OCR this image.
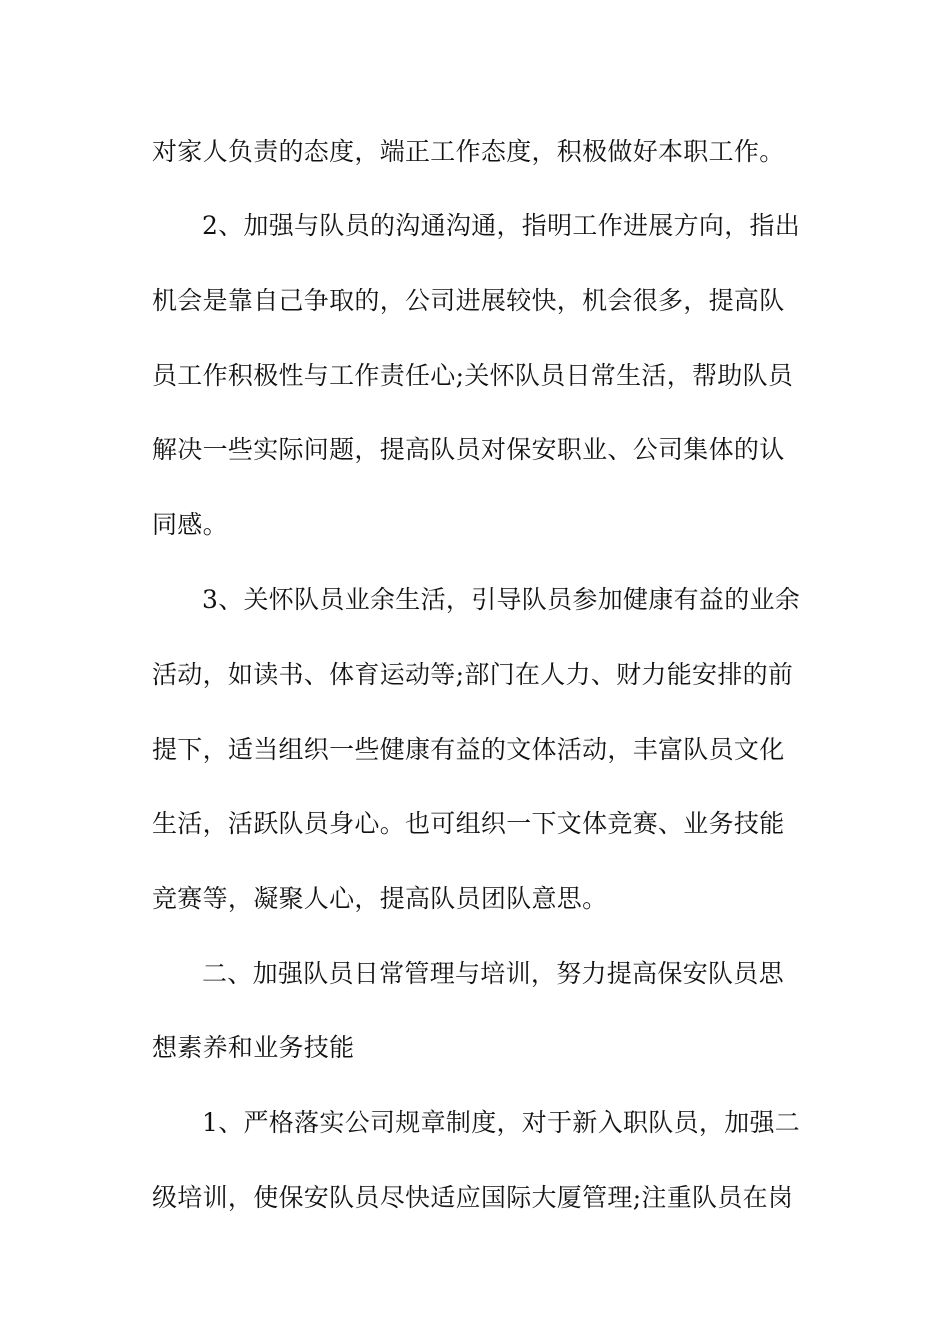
对家人负责的态度，端正工作态度，积极做好本职工作。
2、加强与队员的沟通沟通，指明工作进展方向，指出
机会是靠自己争取的，公司进展较快，机会很多，提高队
员工作积极性与工作责任心;关怀队员日常生活，帮助队员
解决一些实际问题，提高队员对保安职业、公司集体的认
同感。
3、关怀队员业余生活，引导队员参加健康有益的业余
活动，如读书、体育运动等;部门在人力、财力能安排的前
提下，适当组织一些健康有益的文体活动，丰富队员文化
生活，活跃队员身心。也可组织一下文体竞赛、业务技能
竞赛等，凝聚人心，提高队员团队意思。
二、加强队员日常管理与培训，努力提高保安队员思
想素养和业务技能
1、严格落实公司规章制度，对于新入职队员，加强二
级培训，使保安队员尽快适应国际大厦管理;注重队员在岗
